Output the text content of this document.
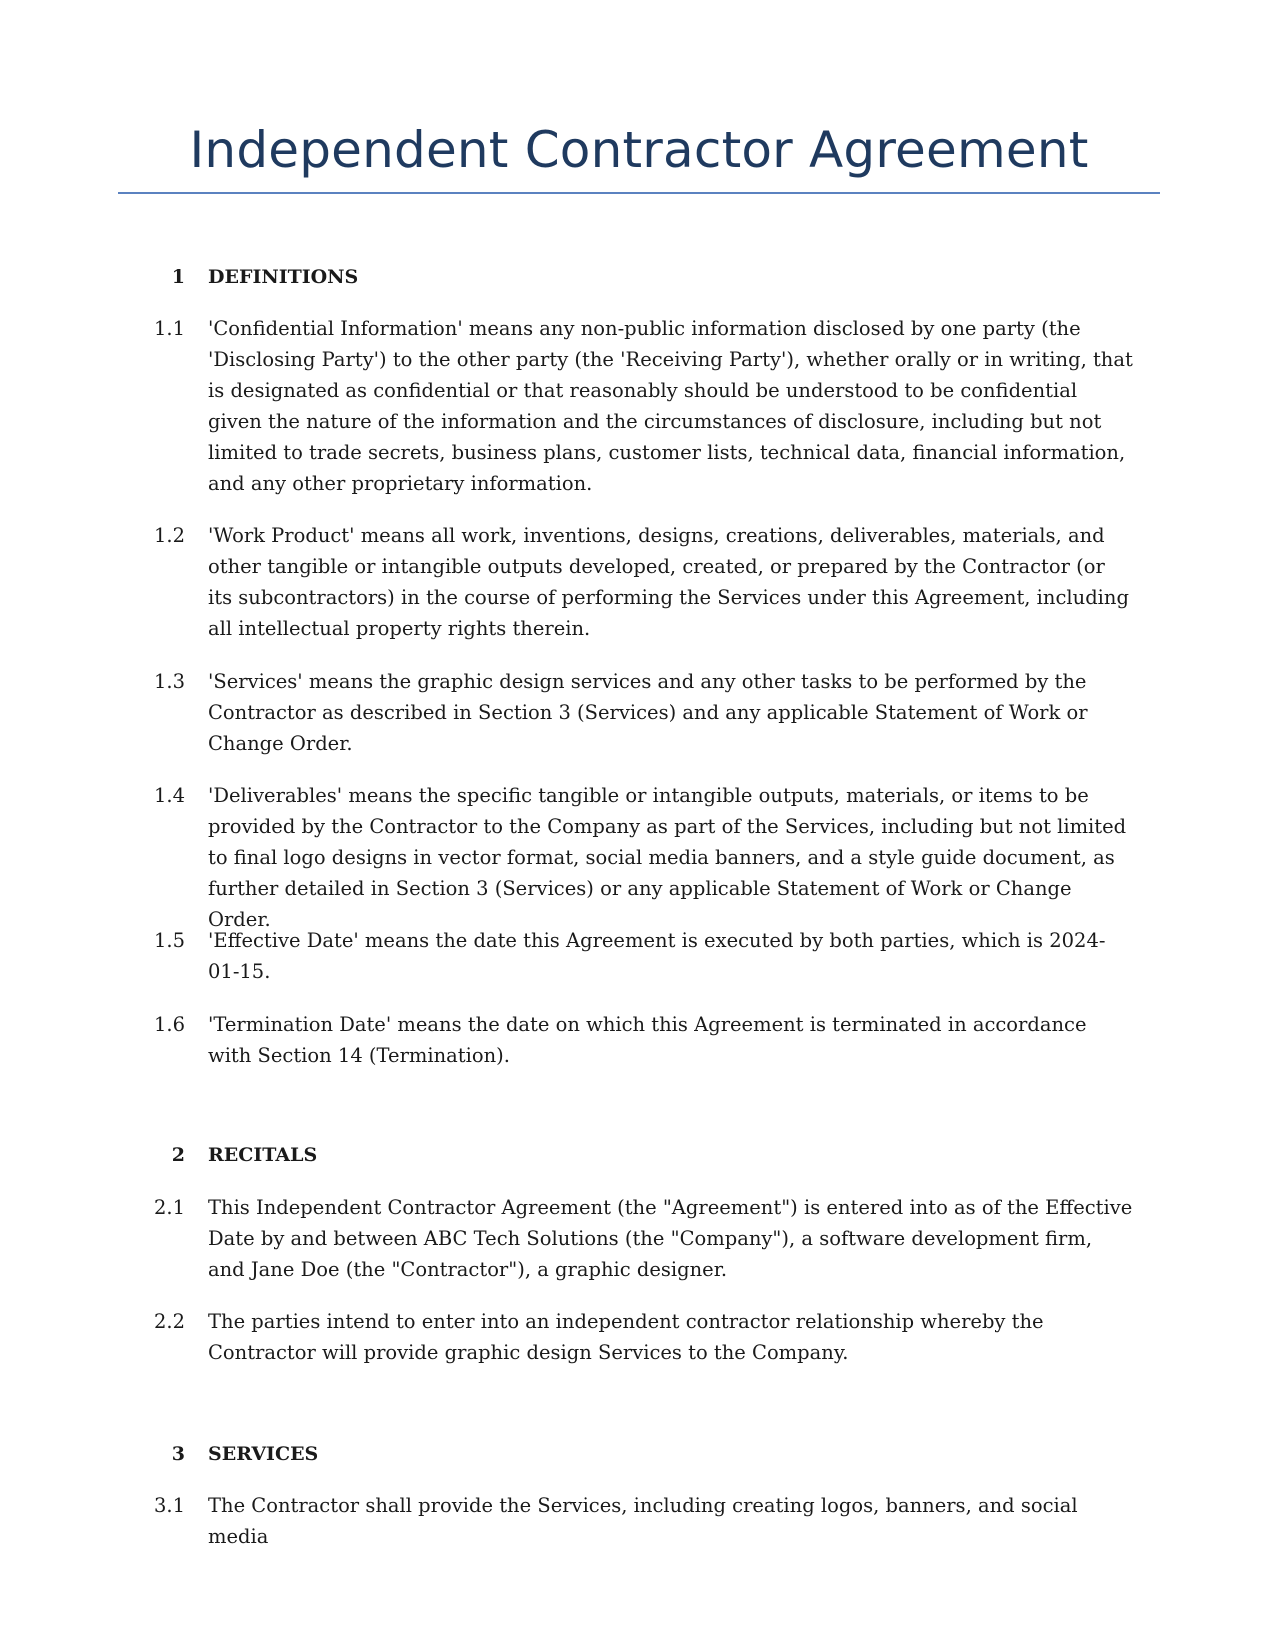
Independent Contractor Agreement
1 DEFINITIONS
1.1 'Confidential Information' means any non-public information disclosed by one party (the 'Disclosing Party') to the other party (the 'Receiving Party'), whether orally or in writing, that is designated as confidential or that reasonably should be understood to be confidential given the nature of the information and the circumstances of disclosure, including but not limited to trade secrets, business plans, customer lists, technical data, financial information, and any other proprietary information.
1.2 'Work Product' means all work, inventions, designs, creations, deliverables, materials, and other tangible or intangible outputs developed, created, or prepared by the Contractor (or its subcontractors) in the course of performing the Services under this Agreement, including all intellectual property rights therein.
1.3 'Services' means the graphic design services and any other tasks to be performed by the Contractor as described in Section 3 (Services) and any applicable Statement of Work or Change Order.
1.4 'Deliverables' means the specific tangible or intangible outputs, materials, or items to be provided by the Contractor to the Company as part of the Services, including but not limited to final logo designs in vector format, social media banners, and a style guide document, as further detailed in Section 3 (Services) or any applicable Statement of Work or Change Order.
1.5 'Effective Date' means the date this Agreement is executed by both parties, which is 2024-01-15.
1.6 'Termination Date' means the date on which this Agreement is terminated in accordance with Section 14 (Termination).
2 RECITALS
2.1 This Independent Contractor Agreement (the "Agreement") is entered into as of the Effective Date by and between ABC Tech Solutions (the "Company"), a software development firm, and Jane Doe (the "Contractor"), a graphic designer.
2.2 The parties intend to enter into an independent contractor relationship whereby the Contractor will provide graphic design Services to the Company.
3 SERVICES
3.1 The Contractor shall provide the Services, including creating logos, banners, and social media
